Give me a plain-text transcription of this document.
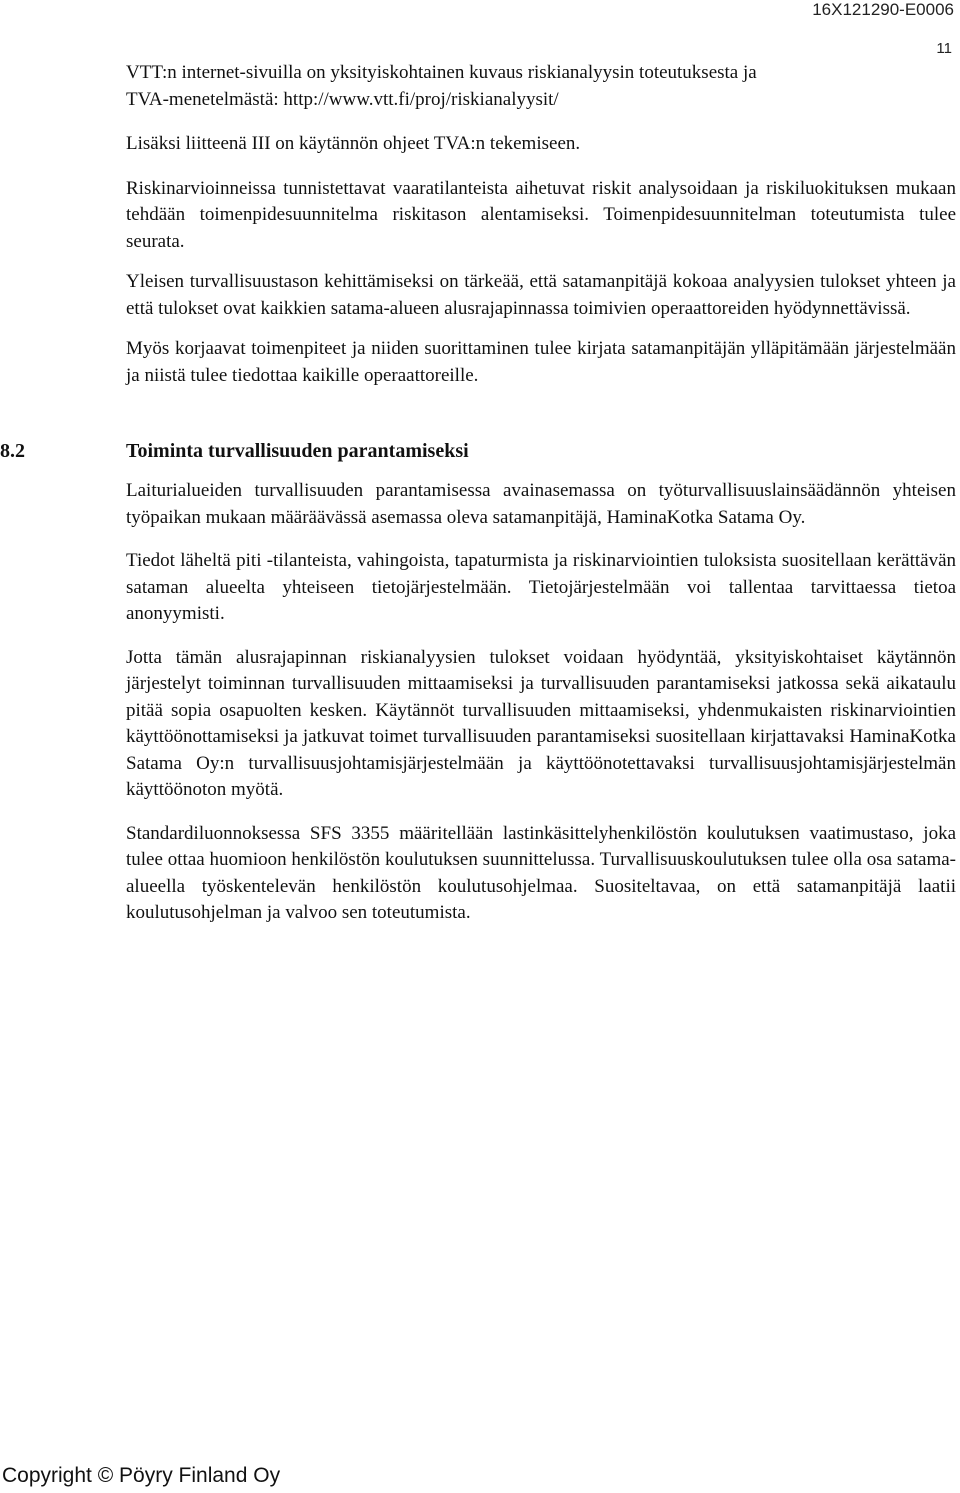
16X121290-E0006
11

VTT:n internet-sivuilla on yksityiskohtainen kuvaus riskianalyysin toteutuksesta ja
TVA-menetelmästä: http://www.vtt.fi/proj/riskianalyysit/

Lisäksi liitteenä III on käytännön ohjeet TVA:n tekemiseen.

Riskinarvioinneissa tunnistettavat vaaratilanteista aihetuvat riskit analysoidaan ja riskiluokituksen mukaan tehdään toimenpidesuunnitelma riskitason alentamiseksi. Toimenpidesuunnitelman toteutumista tulee seurata.

Yleisen turvallisuustason kehittämiseksi on tärkeää, että satamanpitäjä kokoaa analyysien tulokset yhteen ja että tulokset ovat kaikkien satama-alueen alusrajapinnassa toimivien operaattoreiden hyödynnettävissä.

Myös korjaavat toimenpiteet ja niiden suorittaminen tulee kirjata satamanpitäjän ylläpitämään järjestelmään ja niistä tulee tiedottaa kaikille operaattoreille.

8.2	Toiminta turvallisuuden parantamiseksi

Laiturialueiden turvallisuuden parantamisessa avainasemassa on työturvallisuuslainsäädännön yhteisen työpaikan mukaan määräävässä asemassa oleva satamanpitäjä, HaminaKotka Satama Oy.

Tiedot läheltä piti -tilanteista, vahingoista, tapaturmista ja riskinarviointien tuloksista suositellaan kerättävän sataman alueelta yhteiseen tietojärjestelmään. Tietojärjestelmään voi tallentaa tarvittaessa tietoa anonyymisti.

Jotta tämän alusrajapinnan riskianalyysien tulokset voidaan hyödyntää, yksityiskohtaiset käytännön järjestelyt toiminnan turvallisuuden mittaamiseksi ja turvallisuuden parantamiseksi jatkossa sekä aikataulu pitää sopia osapuolten kesken. Käytännöt turvallisuuden mittaamiseksi, yhdenmukaisten riskinarviointien käyttöönottamiseksi ja jatkuvat toimet turvallisuuden parantamiseksi suositellaan kirjattavaksi HaminaKotka Satama Oy:n turvallisuusjohtamisjärjestelmään ja käyttöönotettavaksi turvallisuusjohtamisjärjestelmän käyttöönoton myötä.

Standardiluonnoksessa SFS 3355 määritellään lastinkäsittelyhenkilöstön koulutuksen vaatimustaso, joka tulee ottaa huomioon henkilöstön koulutuksen suunnittelussa. Turvallisuuskoulutuksen tulee olla osa satama-alueella työskentelevän henkilöstön koulutusohjelmaa. Suositeltavaa, on että satamanpitäjä laatii koulutusohjelman ja valvoo sen toteutumista.

Copyright © Pöyry Finland Oy
